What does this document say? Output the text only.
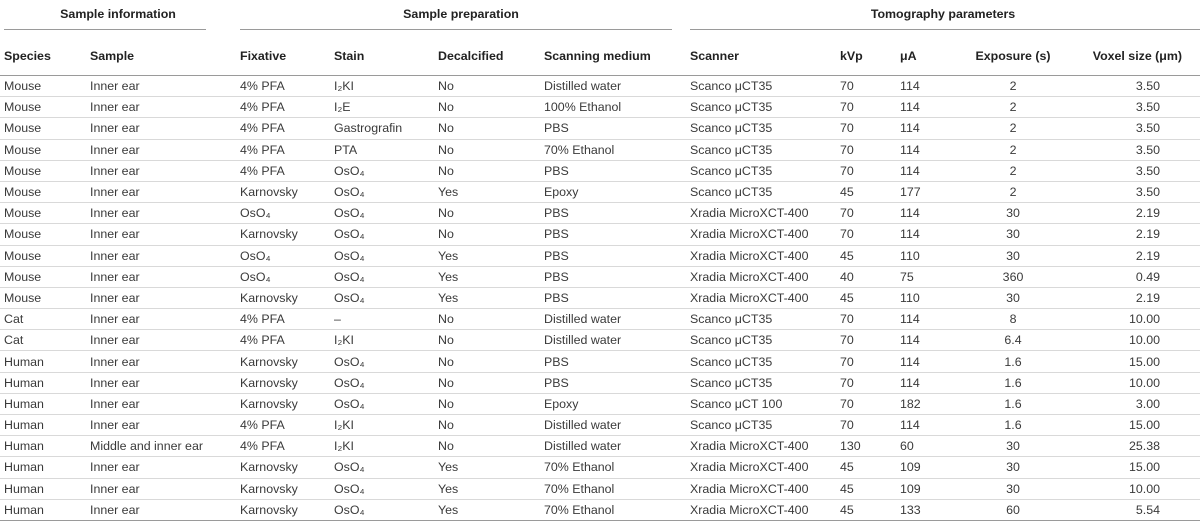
Sample information		Sample preparation				Tomography parameters				

Species	Sample	Fixative	Stain	Decalcified	Scanning medium	Scanner	kVp	μA	Exposure (s)	Voxel size (μm)
Mouse	Inner ear	4% PFA	I₂KI	No	Distilled water	Scanco μCT35	70	114	2	3.50
Mouse	Inner ear	4% PFA	I₂E	No	100% Ethanol	Scanco μCT35	70	114	2	3.50
Mouse	Inner ear	4% PFA	Gastrografin	No	PBS	Scanco μCT35	70	114	2	3.50
Mouse	Inner ear	4% PFA	PTA	No	70% Ethanol	Scanco μCT35	70	114	2	3.50
Mouse	Inner ear	4% PFA	OsO₄	No	PBS	Scanco μCT35	70	114	2	3.50
Mouse	Inner ear	Karnovsky	OsO₄	Yes	Epoxy	Scanco μCT35	45	177	2	3.50
Mouse	Inner ear	OsO₄	OsO₄	No	PBS	Xradia MicroXCT-400	70	114	30	2.19
Mouse	Inner ear	Karnovsky	OsO₄	No	PBS	Xradia MicroXCT-400	70	114	30	2.19
Mouse	Inner ear	OsO₄	OsO₄	Yes	PBS	Xradia MicroXCT-400	45	110	30	2.19
Mouse	Inner ear	OsO₄	OsO₄	Yes	PBS	Xradia MicroXCT-400	40	75	360	0.49
Mouse	Inner ear	Karnovsky	OsO₄	Yes	PBS	Xradia MicroXCT-400	45	110	30	2.19
Cat	Inner ear	4% PFA	–	No	Distilled water	Scanco μCT35	70	114	8	10.00
Cat	Inner ear	4% PFA	I₂KI	No	Distilled water	Scanco μCT35	70	114	6.4	10.00
Human	Inner ear	Karnovsky	OsO₄	No	PBS	Scanco μCT35	70	114	1.6	15.00
Human	Inner ear	Karnovsky	OsO₄	No	PBS	Scanco μCT35	70	114	1.6	10.00
Human	Inner ear	Karnovsky	OsO₄	No	Epoxy	Scanco μCT 100	70	182	1.6	3.00
Human	Inner ear	4% PFA	I₂KI	No	Distilled water	Scanco μCT35	70	114	1.6	15.00
Human	Middle and inner ear	4% PFA	I₂KI	No	Distilled water	Xradia MicroXCT-400	130	60	30	25.38
Human	Inner ear	Karnovsky	OsO₄	Yes	70% Ethanol	Xradia MicroXCT-400	45	109	30	15.00
Human	Inner ear	Karnovsky	OsO₄	Yes	70% Ethanol	Xradia MicroXCT-400	45	109	30	10.00
Human	Inner ear	Karnovsky	OsO₄	Yes	70% Ethanol	Xradia MicroXCT-400	45	133	60	5.54
